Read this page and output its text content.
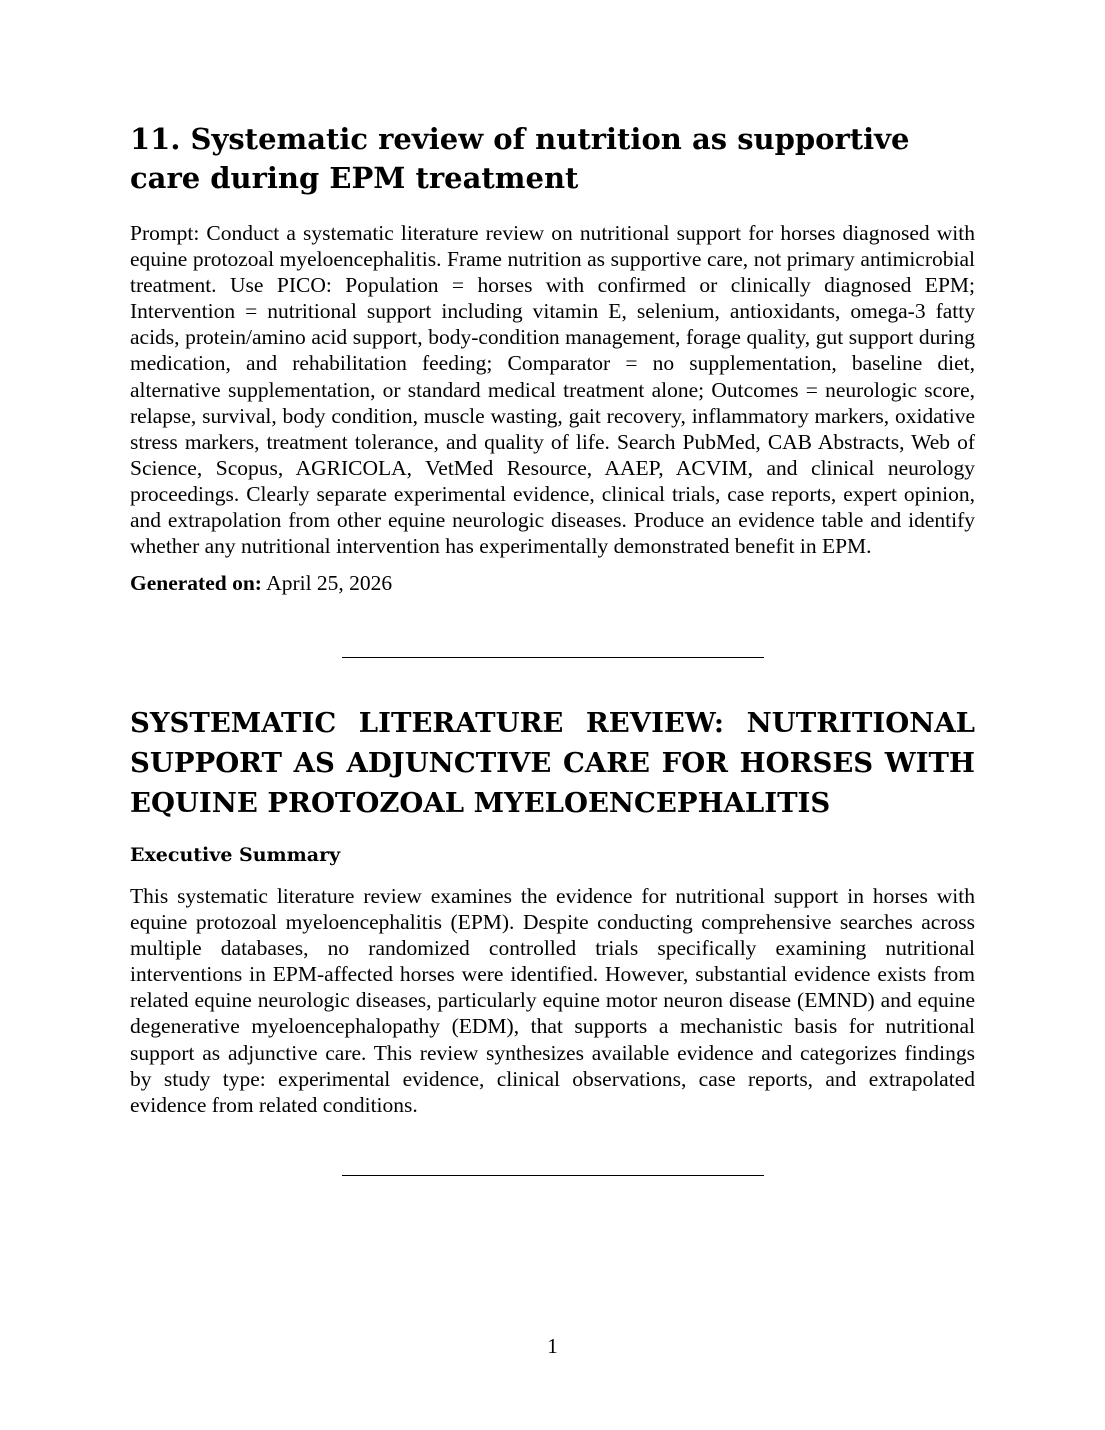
11. Systematic review of nutrition as supportive care during EPM treatment

Prompt: Conduct a systematic literature review on nutritional support for horses diagnosed with equine protozoal myeloencephalitis. Frame nutrition as supportive care, not primary antimicrobial treatment. Use PICO: Population = horses with confirmed or clinically diagnosed EPM; Intervention = nutritional support including vitamin E, selenium, antioxidants, omega-3 fatty acids, protein/amino acid support, body-condition management, forage quality, gut support during medication, and rehabilitation feeding; Comparator = no supplementation, baseline diet, alternative supplementation, or standard medical treatment alone; Outcomes = neurologic score, relapse, survival, body condition, muscle wasting, gait recovery, inflammatory markers, oxidative stress markers, treatment tolerance, and quality of life. Search PubMed, CAB Abstracts, Web of Science, Scopus, AGRICOLA, VetMed Resource, AAEP, ACVIM, and clinical neurology proceedings. Clearly separate experimental evidence, clinical trials, case reports, expert opinion, and extrapolation from other equine neurologic diseases. Produce an evidence table and identify whether any nutritional intervention has experimentally demonstrated benefit in EPM.

Generated on: April 25, 2026

SYSTEMATIC LITERATURE REVIEW: NUTRITIONAL SUPPORT AS ADJUNCTIVE CARE FOR HORSES WITH EQUINE PROTOZOAL MYELOENCEPHALITIS
Executive Summary

This systematic literature review examines the evidence for nutritional support in horses with equine protozoal myeloencephalitis (EPM). Despite conducting comprehensive searches across multiple databases, no randomized controlled trials specifically examining nutritional interventions in EPM-affected horses were identified. However, substantial evidence exists from related equine neurologic diseases, particularly equine motor neuron disease (EMND) and equine degenerative myeloencephalopathy (EDM), that supports a mechanistic basis for nutritional support as adjunctive care. This review synthesizes available evidence and categorizes findings by study type: experimental evidence, clinical observations, case reports, and extrapolated evidence from related conditions.

1
